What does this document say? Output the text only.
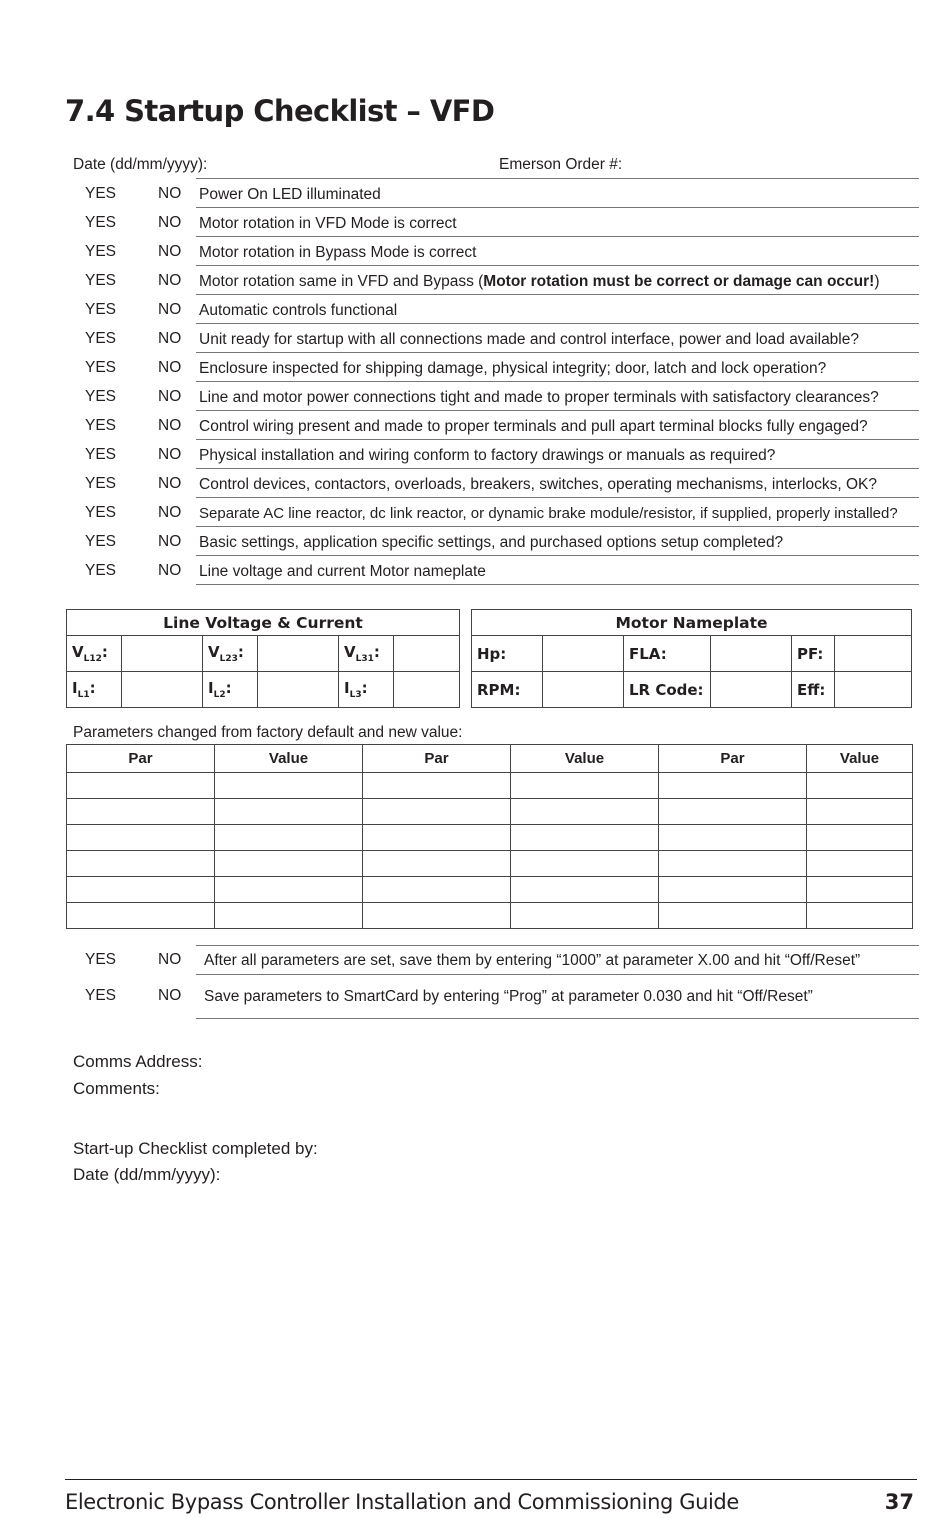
7.4 Startup Checklist – VFD
Date (dd/mm/yyyy):	Emerson Order #:
YES	NO Power On LED illuminated
YES	NO Motor rotation in VFD Mode is correct
YES	NO Motor rotation in Bypass Mode is correct
YES	NO Motor rotation same in VFD and Bypass (Motor rotation must be correct or damage can occur!)
YES	NO Automatic controls functional
YES	NO Unit ready for startup with all connections made and control interface, power and load available?
YES	NO Enclosure inspected for shipping damage, physical integrity; door, latch and lock operation?
YES	NO Line and motor power connections tight and made to proper terminals with satisfactory clearances?
YES	NO Control wiring present and made to proper terminals and pull apart terminal blocks fully engaged?
YES	NO Physical installation and wiring conform to factory drawings or manuals as required?
YES	NO Control devices, contactors, overloads, breakers, switches, operating mechanisms, interlocks, OK?
YES	NO Separate AC line reactor, dc link reactor, or dynamic brake module/resistor, if supplied, properly installed?
YES	NO Basic settings, application specific settings, and purchased options setup completed?
YES	NO Line voltage and current Motor nameplate
Line Voltage & Current					
$V_{L12}$:		$V_{L23}$:		$V_{L31}$:	
$I_{L1}$:		$I_{L2}$:		$I_{L3}$:	
Motor Nameplate					
Hp:		FLA:		PF:	
RPM:		LR Code:		Eff:	
Parameters changed from factory default and new value:
Par	Value	Par	Value	Par	Value

YES	NO After all parameters are set, save them by entering “1000” at parameter X.00 and hit “Off/Reset”
YES	NO Save parameters to SmartCard by entering “Prog” at parameter 0.030 and hit “Off/Reset”
Comms Address:
Comments:
Start-up Checklist completed by:
Date (dd/mm/yyyy):
Electronic Bypass Controller Installation and Commissioning Guide	37
